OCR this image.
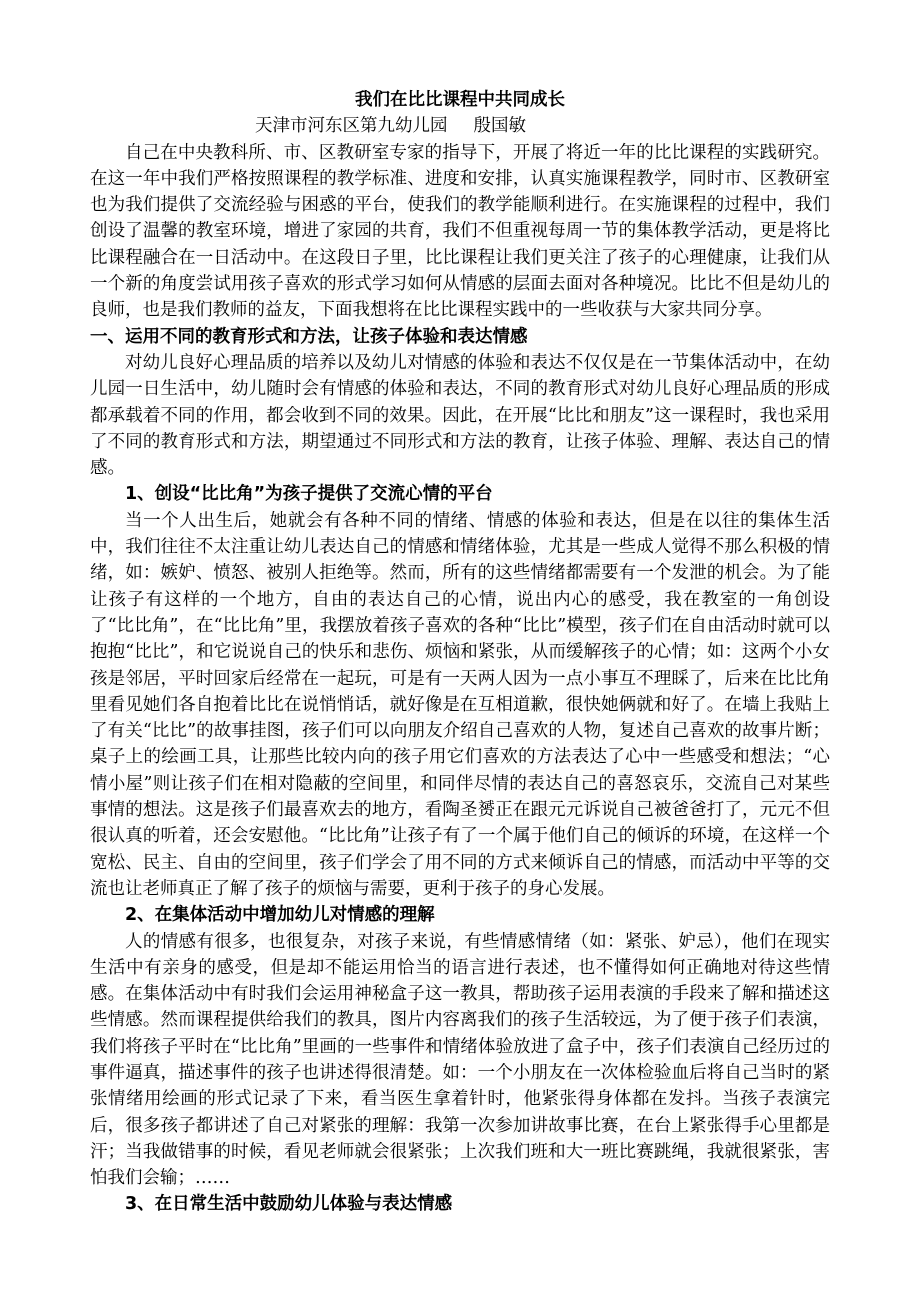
我们在比比课程中共同成长

天津市河东区第九幼儿园 殷国敏

自己在中央教科所、市、区教研室专家的指导下，开展了将近一年的比比课程的实践研究。在这一年中我们严格按照课程的教学标准、进度和安排，认真实施课程教学，同时市、区教研室也为我们提供了交流经验与困惑的平台，使我们的教学能顺利进行。在实施课程的过程中，我们创设了温馨的教室环境，增进了家园的共育，我们不但重视每周一节的集体教学活动，更是将比比课程融合在一日活动中。在这段日子里，比比课程让我们更关注了孩子的心理健康，让我们从一个新的角度尝试用孩子喜欢的形式学习如何从情感的层面去面对各种境况。比比不但是幼儿的良师，也是我们教师的益友，下面我想将在比比课程实践中的一些收获与大家共同分享。

一、运用不同的教育形式和方法，让孩子体验和表达情感

对幼儿良好心理品质的培养以及幼儿对情感的体验和表达不仅仅是在一节集体活动中，在幼儿园一日生活中，幼儿随时会有情感的体验和表达，不同的教育形式对幼儿良好心理品质的形成都承载着不同的作用，都会收到不同的效果。因此，在开展“比比和朋友”这一课程时，我也采用了不同的教育形式和方法，期望通过不同形式和方法的教育，让孩子体验、理解、表达自己的情感。

1、创设“比比角”为孩子提供了交流心情的平台

当一个人出生后，她就会有各种不同的情绪、情感的体验和表达，但是在以往的集体生活中，我们往往不太注重让幼儿表达自己的情感和情绪体验，尤其是一些成人觉得不那么积极的情绪，如：嫉妒、愤怒、被别人拒绝等。然而，所有的这些情绪都需要有一个发泄的机会。为了能让孩子有这样的一个地方，自由的表达自己的心情，说出内心的感受，我在教室的一角创设了“比比角”，在“比比角”里，我摆放着孩子喜欢的各种“比比”模型，孩子们在自由活动时就可以抱抱“比比”，和它说说自己的快乐和悲伤、烦恼和紧张，从而缓解孩子的心情；如：这两个小女孩是邻居，平时回家后经常在一起玩，可是有一天两人因为一点小事互不理睬了，后来在比比角里看见她们各自抱着比比在说悄悄话，就好像是在互相道歉，很快她俩就和好了。在墙上我贴上了有关“比比”的故事挂图，孩子们可以向朋友介绍自己喜欢的人物，复述自己喜欢的故事片断；桌子上的绘画工具，让那些比较内向的孩子用它们喜欢的方法表达了心中一些感受和想法；“心情小屋”则让孩子们在相对隐蔽的空间里，和同伴尽情的表达自己的喜怒哀乐，交流自己对某些事情的想法。这是孩子们最喜欢去的地方，看陶圣赟正在跟元元诉说自己被爸爸打了，元元不但很认真的听着，还会安慰他。“比比角”让孩子有了一个属于他们自己的倾诉的环境，在这样一个宽松、民主、自由的空间里，孩子们学会了用不同的方式来倾诉自己的情感，而活动中平等的交流也让老师真正了解了孩子的烦恼与需要，更利于孩子的身心发展。

2、在集体活动中增加幼儿对情感的理解

人的情感有很多，也很复杂，对孩子来说，有些情感情绪（如：紧张、妒忌），他们在现实生活中有亲身的感受，但是却不能运用恰当的语言进行表述，也不懂得如何正确地对待这些情感。在集体活动中有时我们会运用神秘盒子这一教具，帮助孩子运用表演的手段来了解和描述这些情感。然而课程提供给我们的教具，图片内容离我们的孩子生活较远，为了便于孩子们表演，我们将孩子平时在“比比角”里画的一些事件和情绪体验放进了盒子中，孩子们表演自己经历过的事件逼真，描述事件的孩子也讲述得很清楚。如：一个小朋友在一次体检验血后将自己当时的紧张情绪用绘画的形式记录了下来，看当医生拿着针时，他紧张得身体都在发抖。当孩子表演完后，很多孩子都讲述了自己对紧张的理解：我第一次参加讲故事比赛，在台上紧张得手心里都是汗；当我做错事的时候，看见老师就会很紧张；上次我们班和大一班比赛跳绳，我就很紧张，害怕我们会输；……

3、在日常生活中鼓励幼儿体验与表达情感
